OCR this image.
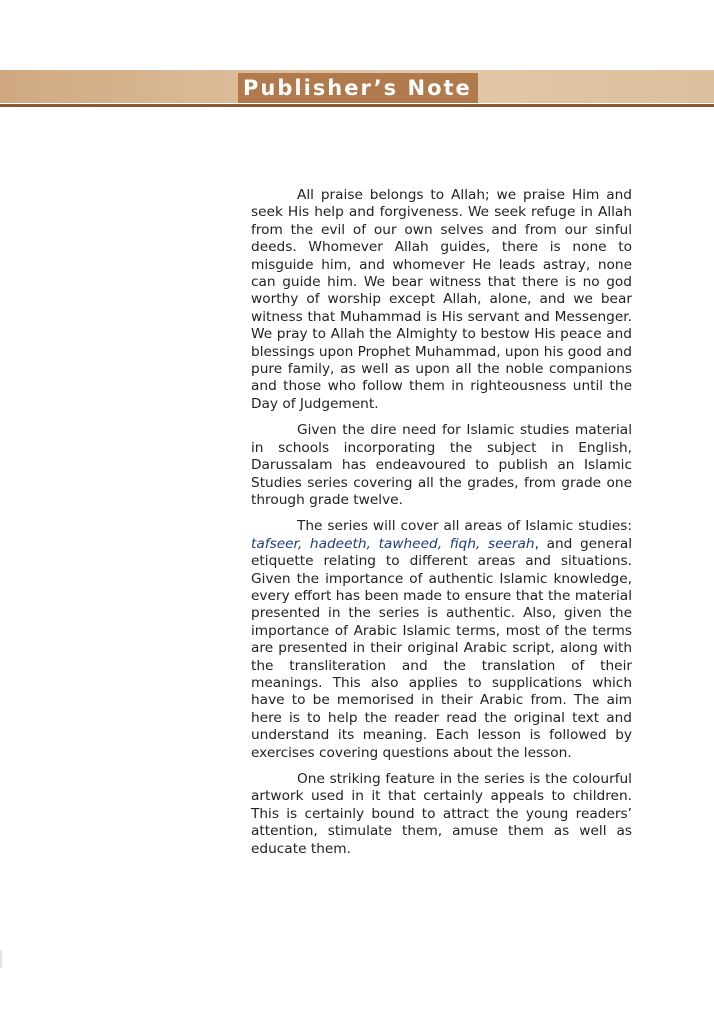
Publisher’s Note

All praise belongs to Allah; we praise Him and seek His help and forgiveness. We seek refuge in Allah from the evil of our own selves and from our sinful deeds. Whomever Allah guides, there is none to misguide him, and whomever He leads astray, none can guide him. We bear witness that there is no god worthy of worship except Allah, alone, and we bear witness that Muhammad is His servant and Messenger. We pray to Allah the Almighty to bestow His peace and blessings upon Prophet Muhammad, upon his good and pure family, as well as upon all the noble companions and those who follow them in righteousness until the Day of Judgement.

Given the dire need for Islamic studies material in schools incorporating the subject in English, Darussalam has endeavoured to publish an Islamic Studies series covering all the grades, from grade one through grade twelve.

The series will cover all areas of Islamic studies: tafseer, hadeeth, tawheed, fiqh, seerah, and general etiquette relating to different areas and situations. Given the importance of authentic Islamic knowledge, every effort has been made to ensure that the material presented in the series is authentic. Also, given the importance of Arabic Islamic terms, most of the terms are presented in their original Arabic script, along with the transliteration and the translation of their meanings. This also applies to supplications which have to be memorised in their Arabic from. The aim here is to help the reader read the original text and understand its meaning. Each lesson is followed by exercises covering questions about the lesson.

One striking feature in the series is the colourful artwork used in it that certainly appeals to children. This is certainly bound to attract the young readers’ attention, stimulate them, amuse them as well as educate them.
